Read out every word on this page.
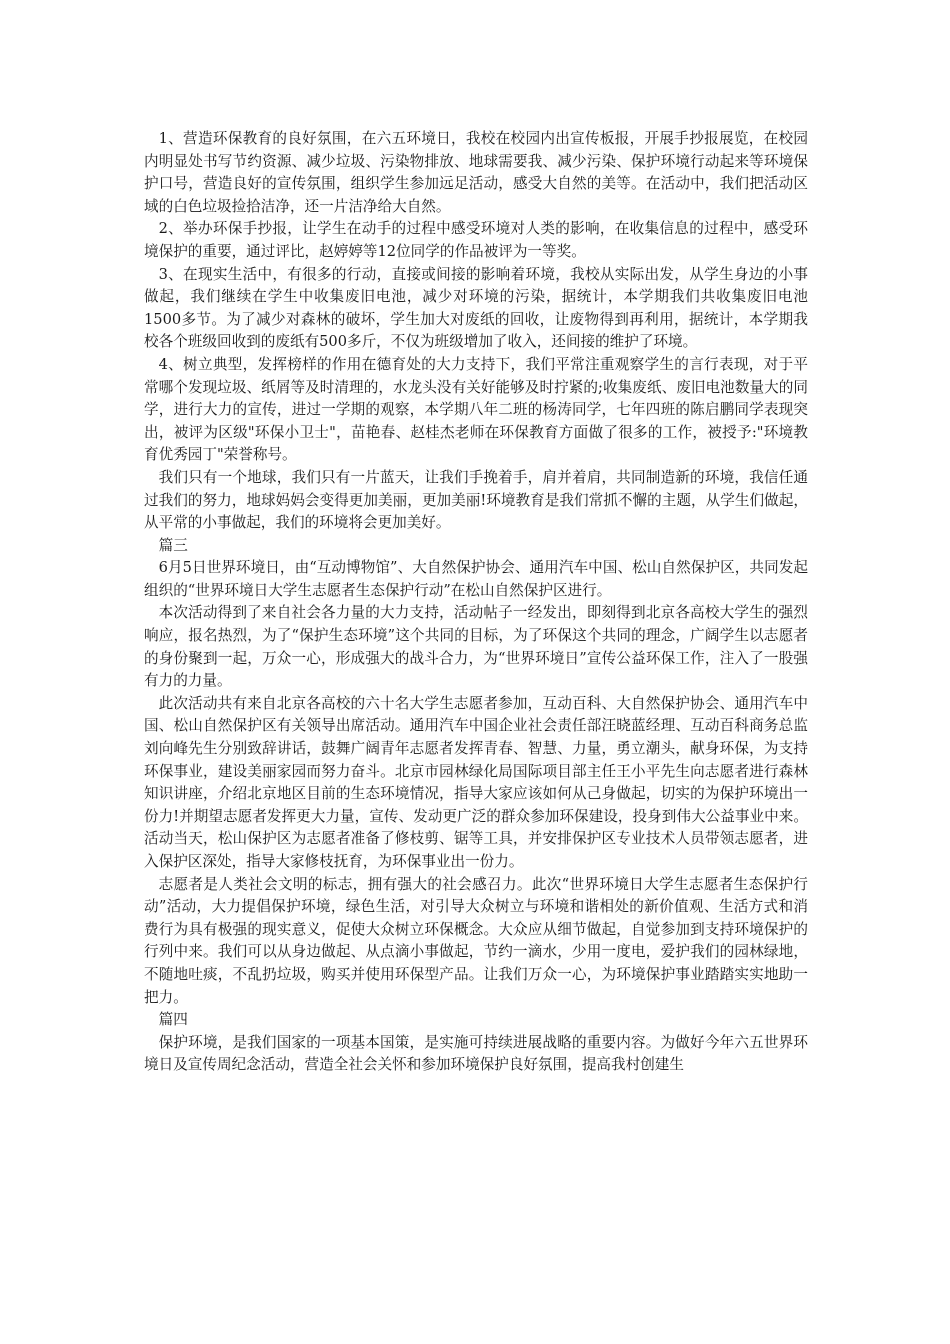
1、营造环保教育的良好氛围，在六五环境日，我校在校园内出宣传板报，开展手抄报展览，在校园内明显处书写节约资源、减少垃圾、污染物排放、地球需要我、减少污染、保护环境行动起来等环境保护口号，营造良好的宣传氛围，组织学生参加远足活动，感受大自然的美等。在活动中，我们把活动区域的白色垃圾捡拾洁净，还一片洁净给大自然。

2、举办环保手抄报，让学生在动手的过程中感受环境对人类的影响，在收集信息的过程中，感受环境保护的重要，通过评比，赵婷婷等12位同学的作品被评为一等奖。

3、在现实生活中，有很多的行动，直接或间接的影响着环境，我校从实际出发，从学生身边的小事做起，我们继续在学生中收集废旧电池，减少对环境的污染，据统计，本学期我们共收集废旧电池1500多节。为了减少对森林的破坏，学生加大对废纸的回收，让废物得到再利用，据统计，本学期我校各个班级回收到的废纸有500多斤，不仅为班级增加了收入，还间接的维护了环境。

4、树立典型，发挥榜样的作用在德育处的大力支持下，我们平常注重观察学生的言行表现，对于平常哪个发现垃圾、纸屑等及时清理的，水龙头没有关好能够及时拧紧的;收集废纸、废旧电池数量大的同学，进行大力的宣传，进过一学期的观察，本学期八年二班的杨涛同学，七年四班的陈启鹏同学表现突出，被评为区级"环保小卫士"，苗艳春、赵桂杰老师在环保教育方面做了很多的工作，被授予:"环境教育优秀园丁"荣誉称号。

我们只有一个地球，我们只有一片蓝天，让我们手挽着手，肩并着肩，共同制造新的环境，我信任通过我们的努力，地球妈妈会变得更加美丽，更加美丽!环境教育是我们常抓不懈的主题，从学生们做起，从平常的小事做起，我们的环境将会更加美好。

篇三

6月5日世界环境日，由“互动博物馆”、大自然保护协会、通用汽车中国、松山自然保护区，共同发起组织的“世界环境日大学生志愿者生态保护行动”在松山自然保护区进行。

本次活动得到了来自社会各力量的大力支持，活动帖子一经发出，即刻得到北京各高校大学生的强烈响应，报名热烈，为了“保护生态环境”这个共同的目标，为了环保这个共同的理念，广阔学生以志愿者的身份聚到一起，万众一心，形成强大的战斗合力，为“世界环境日”宣传公益环保工作，注入了一股强有力的力量。

此次活动共有来自北京各高校的六十名大学生志愿者参加，互动百科、大自然保护协会、通用汽车中国、松山自然保护区有关领导出席活动。通用汽车中国企业社会责任部汪晓蓝经理、互动百科商务总监刘向峰先生分别致辞讲话，鼓舞广阔青年志愿者发挥青春、智慧、力量，勇立潮头，献身环保，为支持环保事业，建设美丽家园而努力奋斗。北京市园林绿化局国际项目部主任王小平先生向志愿者进行森林知识讲座，介绍北京地区目前的生态环境情况，指导大家应该如何从己身做起，切实的为保护环境出一份力!并期望志愿者发挥更大力量，宣传、发动更广泛的群众参加环保建设，投身到伟大公益事业中来。活动当天，松山保护区为志愿者准备了修枝剪、锯等工具，并安排保护区专业技术人员带领志愿者，进入保护区深处，指导大家修枝抚育，为环保事业出一份力。

志愿者是人类社会文明的标志，拥有强大的社会感召力。此次“世界环境日大学生志愿者生态保护行动”活动，大力提倡保护环境，绿色生活，对引导大众树立与环境和谐相处的新价值观、生活方式和消费行为具有极强的现实意义，促使大众树立环保概念。大众应从细节做起，自觉参加到支持环境保护的行列中来。我们可以从身边做起、从点滴小事做起，节约一滴水，少用一度电，爱护我们的园林绿地，不随地吐痰，不乱扔垃圾，购买并使用环保型产品。让我们万众一心，为环境保护事业踏踏实实地助一把力。

篇四

保护环境，是我们国家的一项基本国策，是实施可持续进展战略的重要内容。为做好今年六五世界环境日及宣传周纪念活动，营造全社会关怀和参加环境保护良好氛围，提高我村创建生
